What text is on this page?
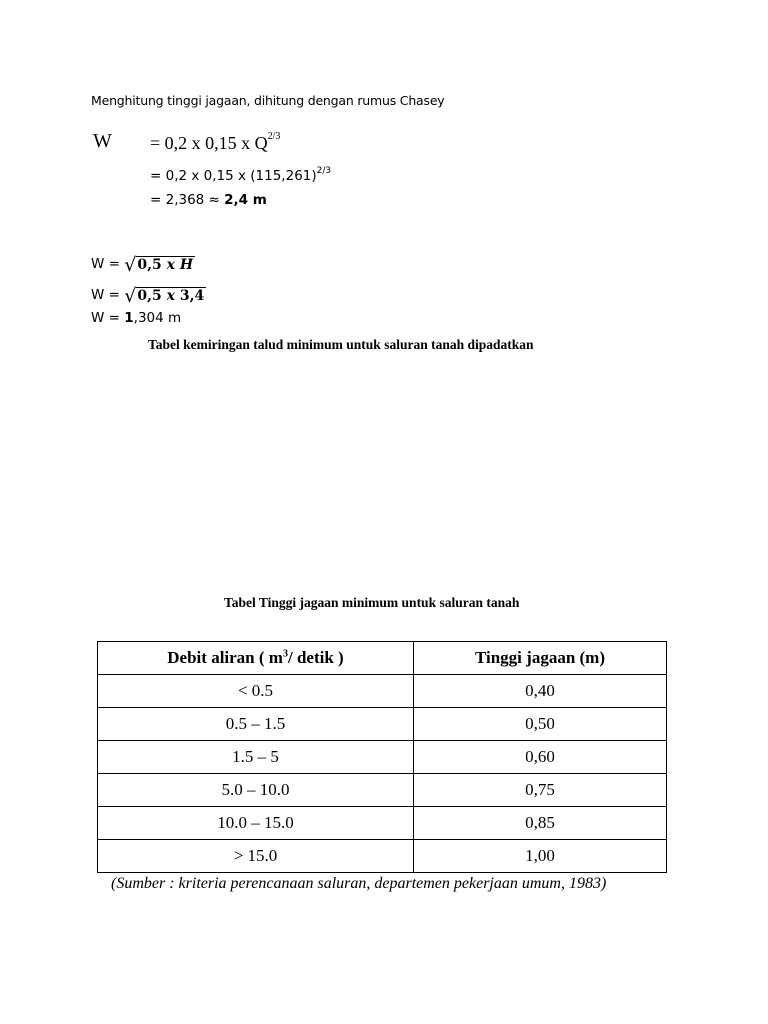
Menghitung tinggi jagaan, dihitung dengan rumus Chasey
W = 0,2 x 0,15 x $Q^{2/3}$
= 0,2 x 0,15 x $(115,261)^{2/3}$
= 2,368 ≈ 2,4 m
W = √0,5 x H
W = √0,5 x 3,4
W = 1,304 m
Tabel kemiringan talud minimum untuk saluran tanah dipadatkan
Tabel Tinggi jagaan minimum untuk saluran tanah
Debit aliran ( $m^3/$ detik )	Tinggi jagaan (m)
< 0.5	0,40
0.5 – 1.5	0,50
1.5 – 5	0,60
5.0 – 10.0	0,75
10.0 – 15.0	0,85
> 15.0	1,00
(Sumber : kriteria perencanaan saluran, departemen pekerjaan umum, 1983)
